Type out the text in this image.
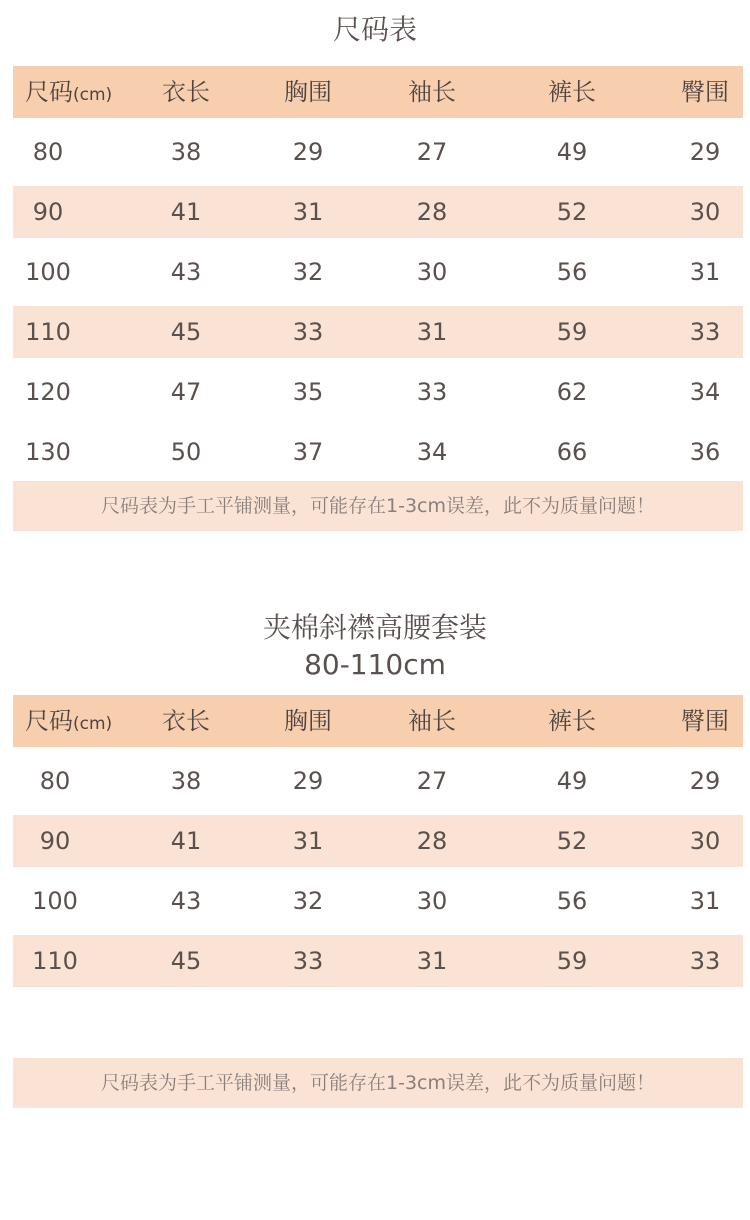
尺码表
尺码(cm)	衣长	胸围	袖长	裤长	臀围
80	38	29	27	49	29
90	41	31	28	52	30
100	43	32	30	56	31
110	45	33	31	59	33
120	47	35	33	62	34
130	50	37	34	66	36
尺码表为手工平铺测量，可能存在1-3cm误差，此不为质量问题！
夹棉斜襟高腰套装
80-110cm
尺码(cm)	衣长	胸围	袖长	裤长	臀围
80	38	29	27	49	29
90	41	31	28	52	30
100	43	32	30	56	31
110	45	33	31	59	33
尺码表为手工平铺测量，可能存在1-3cm误差，此不为质量问题！
